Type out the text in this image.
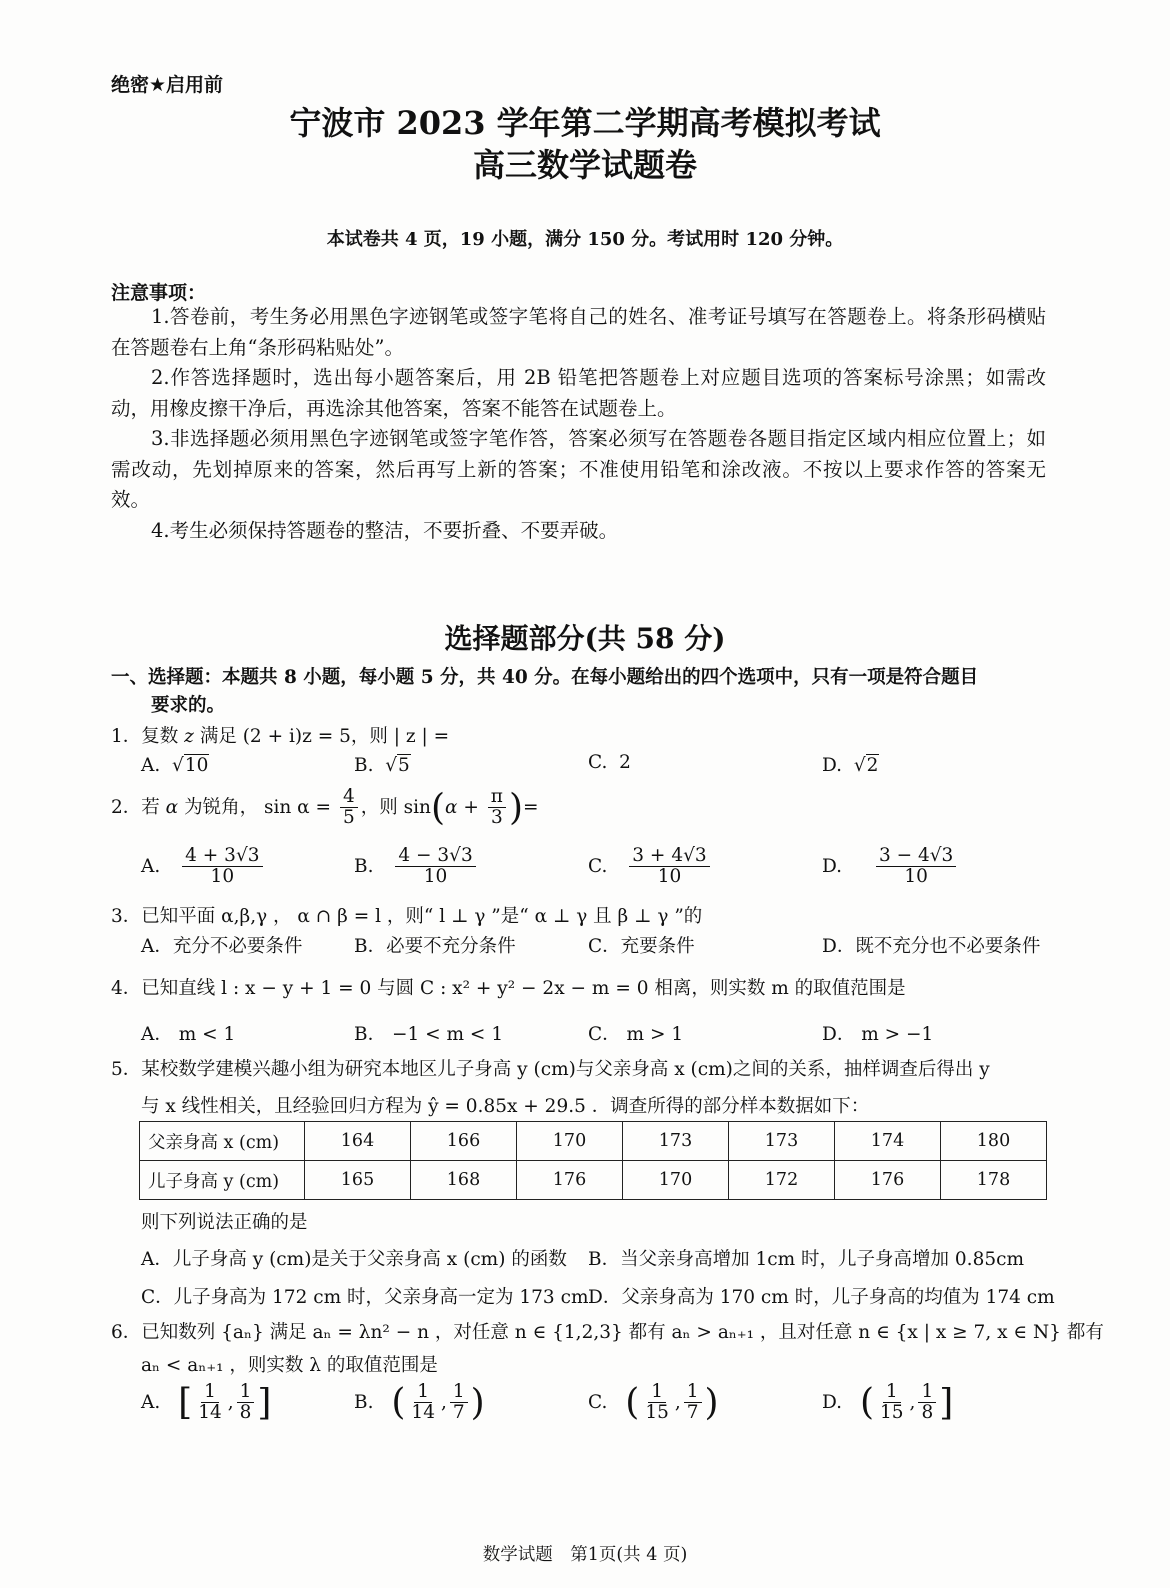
绝密★启用前
宁波市 2023 学年第二学期高考模拟考试
高三数学试题卷
本试卷共 4 页，19 小题，满分 150 分。考试用时 120 分钟。
注意事项：

1.答卷前，考生务必用黑色字迹钢笔或签字笔将自己的姓名、准考证号填写在答题卷上。将条形码横贴在答题卷右上角“条形码粘贴处”。

2.作答选择题时，选出每小题答案后，用 2B 铅笔把答题卷上对应题目选项的答案标号涂黑；如需改动，用橡皮擦干净后，再选涂其他答案，答案不能答在试题卷上。

3.非选择题必须用黑色字迹钢笔或签字笔作答，答案必须写在答题卷各题目指定区域内相应位置上；如需改动，先划掉原来的答案，然后再写上新的答案；不准使用铅笔和涂改液。不按以上要求作答的答案无效。

4.考生必须保持答题卷的整洁，不要折叠、不要弄破。

选择题部分(共 58 分)
一、选择题：本题共 8 小题，每小题 5 分，共 40 分。在每小题给出的四个选项中，只有一项是符合题目
要求的。
1．复数 z 满足 (2 + i)z = 5，则 | z | =
A.  √10	B.  √5	C. 2	D.  √2
2．若 α 为锐角， $\sin \alpha = \frac{4}{5}$ ，则 $\sin(\alpha + \frac{\pi}{3}$ )=
A. $\frac{4 + 3√3}{10}$	B. $\frac{4 - 3√3}{10}$	C. $\frac{3 + 4√3}{10}$	D. $\frac{3 - 4√3}{10}$
3．已知平面 α,β,γ ， α ∩ β = l ，则“ l ⊥ γ ”是“ α ⊥ γ 且 β ⊥ γ ”的
A．充分不必要条件	B．必要不充分条件	C．充要条件	D．既不充分也不必要条件
4．已知直线 l : x − y + 1 = 0 与圆 C : x² + y² − 2x − m = 0 相离，则实数 m 的取值范围是
A． m < 1	B． −1 < m < 1	C． m > 1	D． m > −1
5．某校数学建模兴趣小组为研究本地区儿子身高 y (cm)与父亲身高 x (cm)之间的关系，抽样调查后得出 y
与 x 线性相关，且经验回归方程为 ŷ = 0.85x + 29.5 ．调查所得的部分样本数据如下：
父亲身高 x (cm)	164	166	170	173	173	174	180
儿子身高 y (cm)	165	168	176	170	172	176	178
则下列说法正确的是
A．儿子身高 y (cm)是关于父亲身高 x (cm) 的函数 B．当父亲身高增加 1cm 时，儿子身高增加 0.85cm
C．儿子身高为 172 cm 时，父亲身高一定为 173 cm D．父亲身高为 170 cm 时，儿子身高的均值为 174 cm
6．已知数列 {aₙ} 满足 aₙ = λn² − n ，对任意 n ∈ {1,2,3} 都有 aₙ > aₙ₊₁ ，且对任意 n ∈ {x | x ≥ 7, x ∈ N} 都有
aₙ < aₙ₊₁ ，则实数 λ 的取值范围是
A. [ $\frac{1}{14}$ , $\frac{1}{8}$ ]	B. ( $\frac{1}{14}$ , $\frac{1}{7}$ )	C. ( $\frac{1}{15}$ , $\frac{1}{7}$ )	D. ( $\frac{1}{15}$ , $\frac{1}{8}$ ]
数学试题　第1页(共 4 页)
